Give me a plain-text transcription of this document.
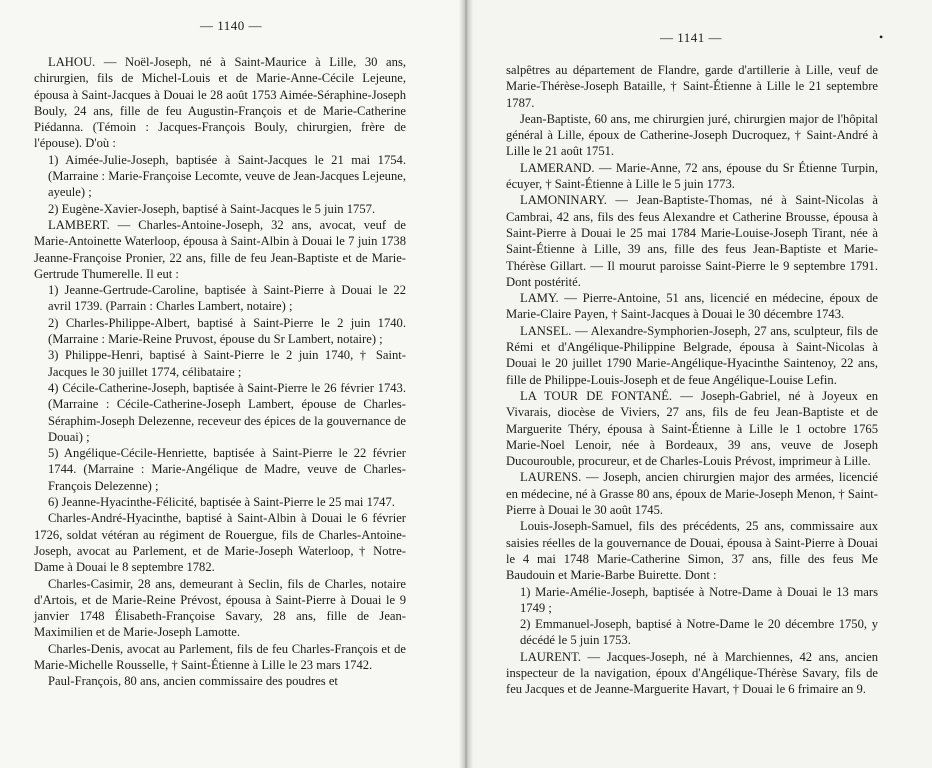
— 1140 —

LAHOU. — Noël-Joseph, né à Saint-Maurice à Lille, 30 ans, chirurgien, fils de Michel-Louis et de Marie-Anne-Cécile Lejeune, épousa à Saint-Jacques à Douai le 28 août 1753 Aimée-Séraphine-Joseph Bouly, 24 ans, fille de feu Augustin-François et de Marie-Catherine Piédanna. (Témoin : Jacques-François Bouly, chirurgien, frère de l'épouse). D'où :

1) Aimée-Julie-Joseph, baptisée à Saint-Jacques le 21 mai 1754. (Marraine : Marie-Françoise Lecomte, veuve de Jean-Jacques Lejeune, ayeule) ;

2) Eugène-Xavier-Joseph, baptisé à Saint-Jacques le 5 juin 1757.

LAMBERT. — Charles-Antoine-Joseph, 32 ans, avocat, veuf de Marie-Antoinette Waterloop, épousa à Saint-Albin à Douai le 7 juin 1738 Jeanne-Françoise Pronier, 22 ans, fille de feu Jean-Baptiste et de Marie-Gertrude Thumerelle. Il eut :

1) Jeanne-Gertrude-Caroline, baptisée à Saint-Pierre à Douai le 22 avril 1739. (Parrain : Charles Lambert, notaire) ;

2) Charles-Philippe-Albert, baptisé à Saint-Pierre le 2 juin 1740. (Marraine : Marie-Reine Pruvost, épouse du Sr Lambert, notaire) ;

3) Philippe-Henri, baptisé à Saint-Pierre le 2 juin 1740, † Saint-Jacques le 30 juillet 1774, célibataire ;

4) Cécile-Catherine-Joseph, baptisée à Saint-Pierre le 26 février 1743. (Marraine : Cécile-Catherine-Joseph Lambert, épouse de Charles-Séraphim-Joseph Delezenne, receveur des épices de la gouvernance de Douai) ;

5) Angélique-Cécile-Henriette, baptisée à Saint-Pierre le 22 février 1744. (Marraine : Marie-Angélique de Madre, veuve de Charles-François Delezenne) ;

6) Jeanne-Hyacinthe-Félicité, baptisée à Saint-Pierre le 25 mai 1747.

Charles-André-Hyacinthe, baptisé à Saint-Albin à Douai le 6 février 1726, soldat vétéran au régiment de Rouergue, fils de Charles-Antoine-Joseph, avocat au Parlement, et de Marie-Joseph Waterloop, † Notre-Dame à Douai le 8 septembre 1782.

Charles-Casimir, 28 ans, demeurant à Seclin, fils de Charles, notaire d'Artois, et de Marie-Reine Prévost, épousa à Saint-Pierre à Douai le 9 janvier 1748 Élisabeth-Françoise Savary, 28 ans, fille de Jean-Maximilien et de Marie-Joseph Lamotte.

Charles-Denis, avocat au Parlement, fils de feu Charles-François et de Marie-Michelle Rousselle, † Saint-Étienne à Lille le 23 mars 1742.

Paul-François, 80 ans, ancien commissaire des poudres et

— 1141 —	•

salpêtres au département de Flandre, garde d'artillerie à Lille, veuf de Marie-Thérèse-Joseph Bataille, † Saint-Étienne à Lille le 21 septembre 1787.

Jean-Baptiste, 60 ans, me chirurgien juré, chirurgien major de l'hôpital général à Lille, époux de Catherine-Joseph Ducroquez, † Saint-André à Lille le 21 août 1751.

LAMERAND. — Marie-Anne, 72 ans, épouse du Sr Étienne Turpin, écuyer, † Saint-Étienne à Lille le 5 juin 1773.

LAMONINARY. — Jean-Baptiste-Thomas, né à Saint-Nicolas à Cambrai, 42 ans, fils des feus Alexandre et Catherine Brousse, épousa à Saint-Pierre à Douai le 25 mai 1784 Marie-Louise-Joseph Tirant, née à Saint-Étienne à Lille, 39 ans, fille des feus Jean-Baptiste et Marie-Thérèse Gillart. — Il mourut paroisse Saint-Pierre le 9 septembre 1791. Dont postérité.

LAMY. — Pierre-Antoine, 51 ans, licencié en médecine, époux de Marie-Claire Payen, † Saint-Jacques à Douai le 30 décembre 1743.

LANSEL. — Alexandre-Symphorien-Joseph, 27 ans, sculpteur, fils de Rémi et d'Angélique-Philippine Belgrade, épousa à Saint-Nicolas à Douai le 20 juillet 1790 Marie-Angélique-Hyacinthe Saintenoy, 22 ans, fille de Philippe-Louis-Joseph et de feue Angélique-Louise Lefin.

LA TOUR DE FONTANÉ. — Joseph-Gabriel, né à Joyeux en Vivarais, diocèse de Viviers, 27 ans, fils de feu Jean-Baptiste et de Marguerite Théry, épousa à Saint-Étienne à Lille le 1 octobre 1765 Marie-Noel Lenoir, née à Bordeaux, 39 ans, veuve de Joseph Ducourouble, procureur, et de Charles-Louis Prévost, imprimeur à Lille.

LAURENS. — Joseph, ancien chirurgien major des armées, licencié en médecine, né à Grasse 80 ans, époux de Marie-Joseph Menon, † Saint-Pierre à Douai le 30 août 1745.

Louis-Joseph-Samuel, fils des précédents, 25 ans, commissaire aux saisies réelles de la gouvernance de Douai, épousa à Saint-Pierre à Douai le 4 mai 1748 Marie-Catherine Simon, 37 ans, fille des feus Me Baudouin et Marie-Barbe Buirette. Dont :

1) Marie-Amélie-Joseph, baptisée à Notre-Dame à Douai le 13 mars 1749 ;

2) Emmanuel-Joseph, baptisé à Notre-Dame le 20 décembre 1750, y décédé le 5 juin 1753.

LAURENT. — Jacques-Joseph, né à Marchiennes, 42 ans, ancien inspecteur de la navigation, époux d'Angélique-Thérèse Savary, fils de feu Jacques et de Jeanne-Marguerite Havart, † Douai le 6 frimaire an 9.
